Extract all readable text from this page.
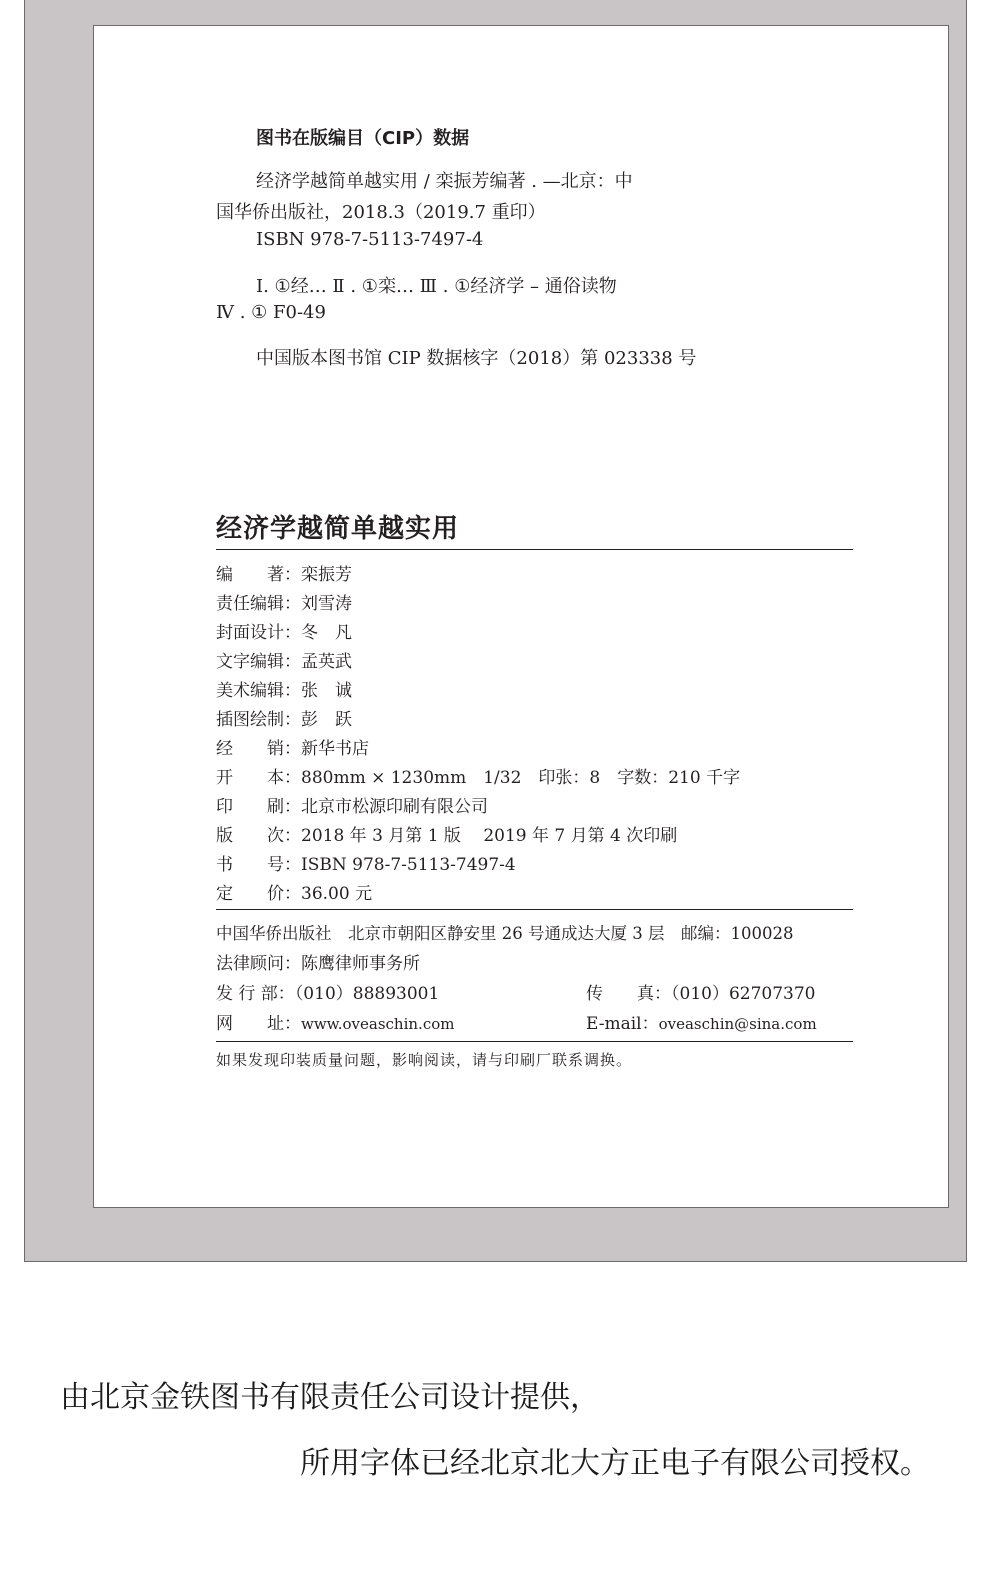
图书在版编目（CIP）数据
经济学越简单越实用 / 栾振芳编著 . —北京：中
国华侨出版社，2018.3（2019.7 重印）
ISBN 978-7-5113-7497-4
Ⅰ. ①经… Ⅱ . ①栾… Ⅲ . ①经济学 – 通俗读物
Ⅳ . ① F0-49
中国版本图书馆 CIP 数据核字（2018）第 023338 号
经济学越简单越实用
编　　著：栾振芳
责任编辑：刘雪涛
封面设计：冬　凡
文字编辑：孟英武
美术编辑：张　诚
插图绘制：彭　跃
经　　销：新华书店
开　　本：880mm × 1230mm　1/32　印张：8　字数：210 千字
印　　刷：北京市松源印刷有限公司
版　　次：2018 年 3 月第 1 版　 2019 年 7 月第 4 次印刷
书　　号：ISBN 978-7-5113-7497-4
定　　价：36.00 元
中国华侨出版社　北京市朝阳区静安里 26 号通成达大厦 3 层　邮编：100028
法律顾问：陈鹰律师事务所
发 行 部：（010）88893001	传　　真：（010）62707370
网　　址：www.oveaschin.com	E-mail：oveaschin@sina.com
如果发现印装质量问题，影响阅读，请与印刷厂联系调换。
由北京金铁图书有限责任公司设计提供，
所用字体已经北京北大方正电子有限公司授权。
